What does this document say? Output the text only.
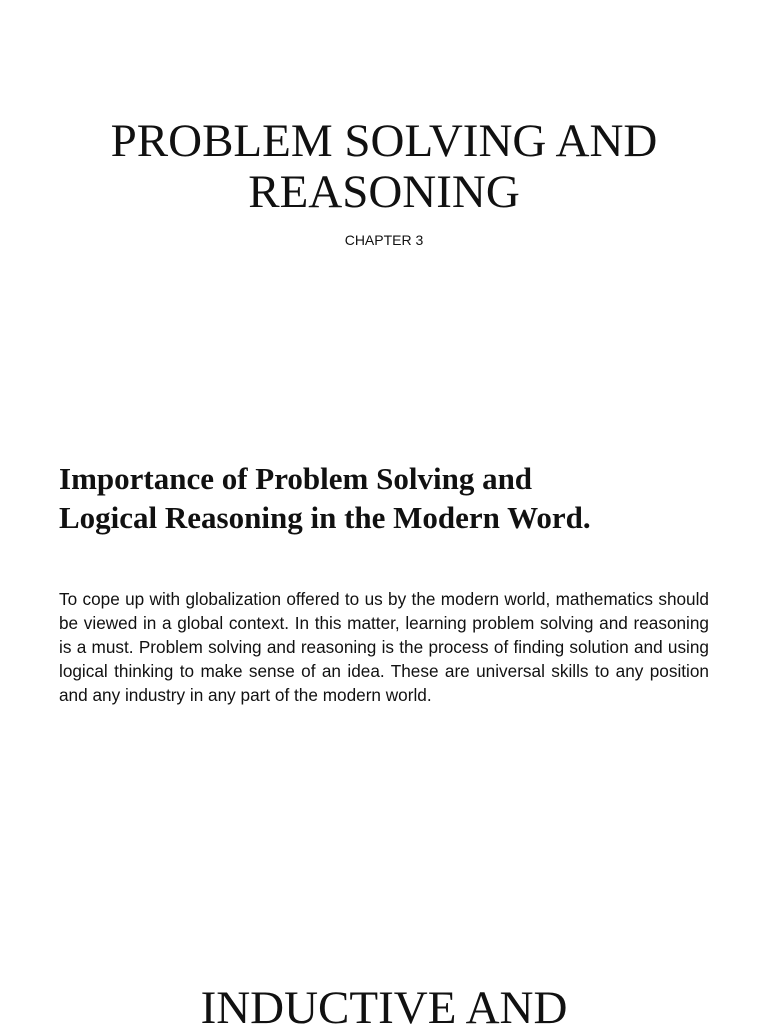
PROBLEM SOLVING AND
REASONING
CHAPTER 3
Importance of Problem Solving and
Logical Reasoning in the Modern Word.

To cope up with globalization offered to us by the modern world, mathematics should be viewed in a global context. In this matter, learning problem solving and reasoning is a must. Problem solving and reasoning is the process of finding solution and using logical thinking to make sense of an idea. These are universal skills to any position and any industry in any part of the modern world.

INDUCTIVE AND
